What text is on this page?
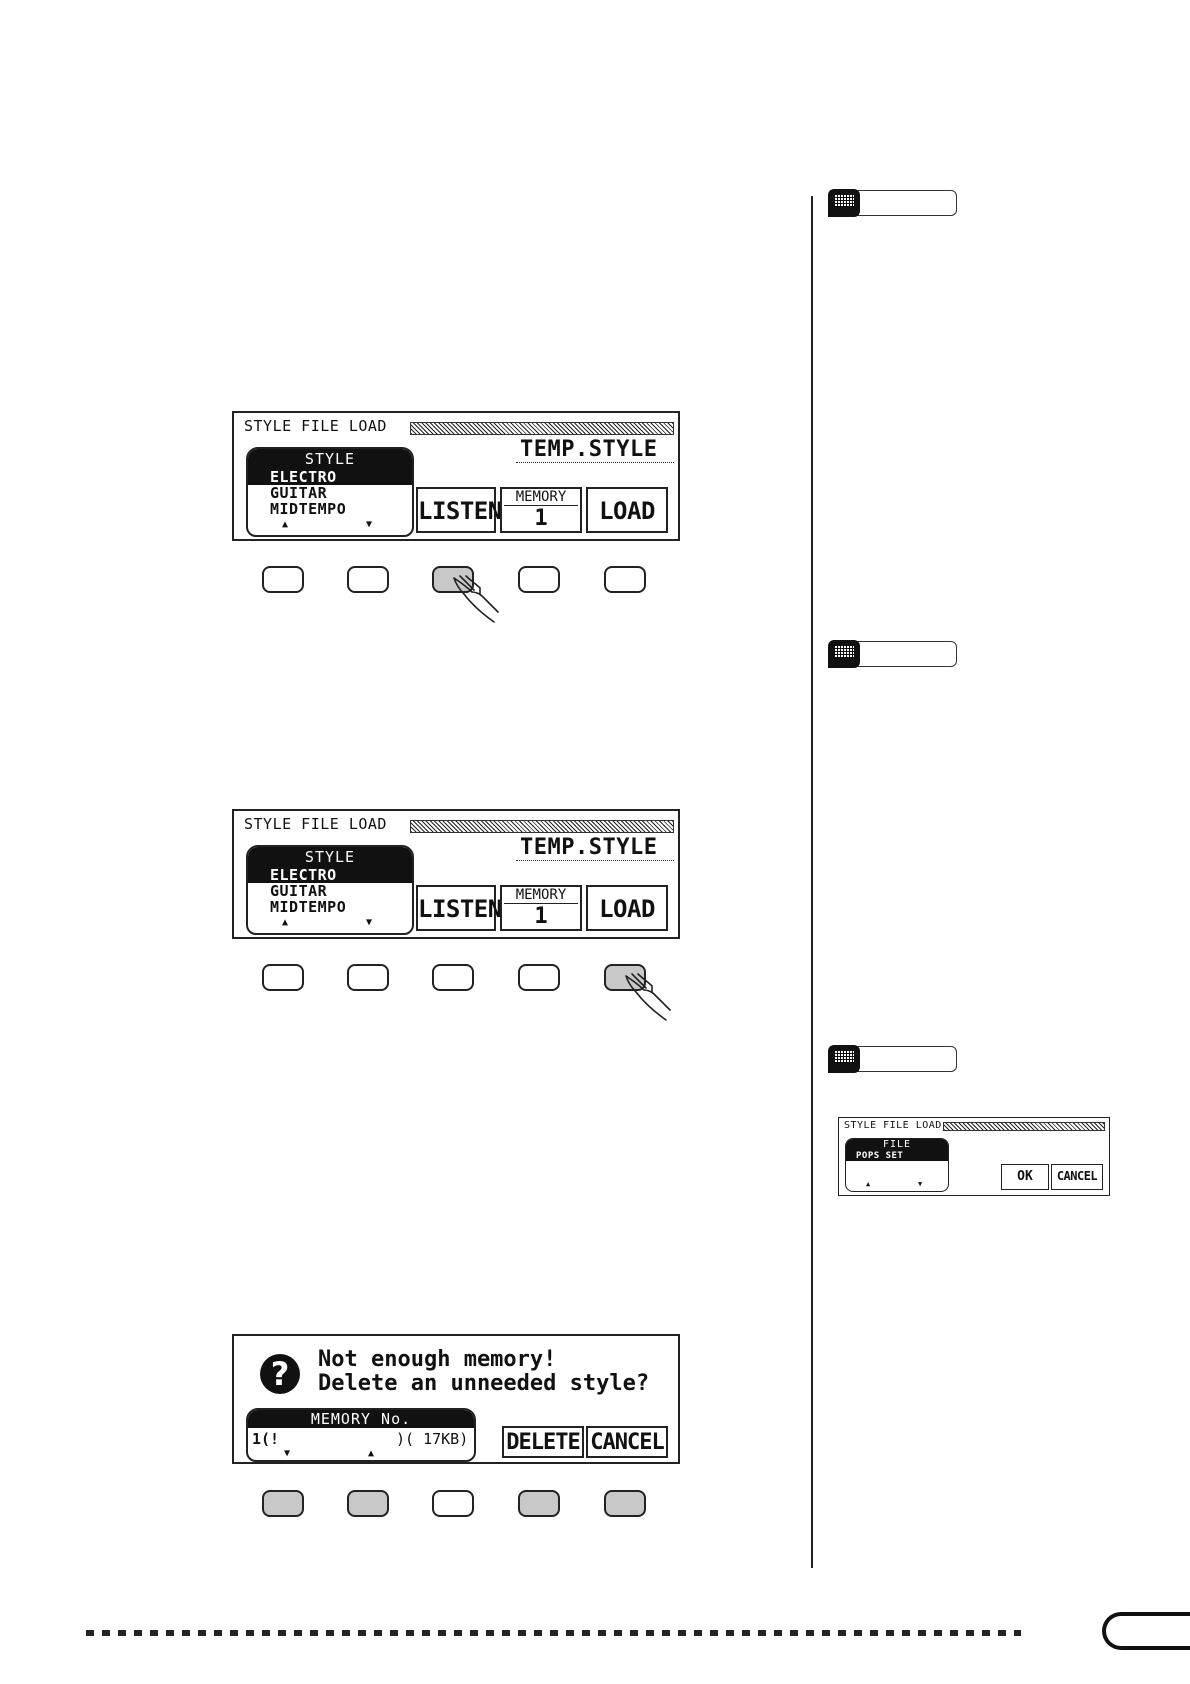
STYLE FILE LOAD
TEMP.STYLE
STYLE
ELECTRO
GUITAR
MIDTEMPO
▲	▼ LISTEN	MEMORY
1	LOAD
STYLE FILE LOAD
TEMP.STYLE
STYLE
ELECTRO
GUITAR
MIDTEMPO
▲	▼ LISTEN	MEMORY
1	LOAD
STYLE FILE LOAD
FILE
POPS SET
▲	▼	OK	CANCEL
?	Not enough memory!
Delete an unneeded style?
MEMORY No.
1(!	)( 17KB)
▼	▲	DELETE CANCEL
